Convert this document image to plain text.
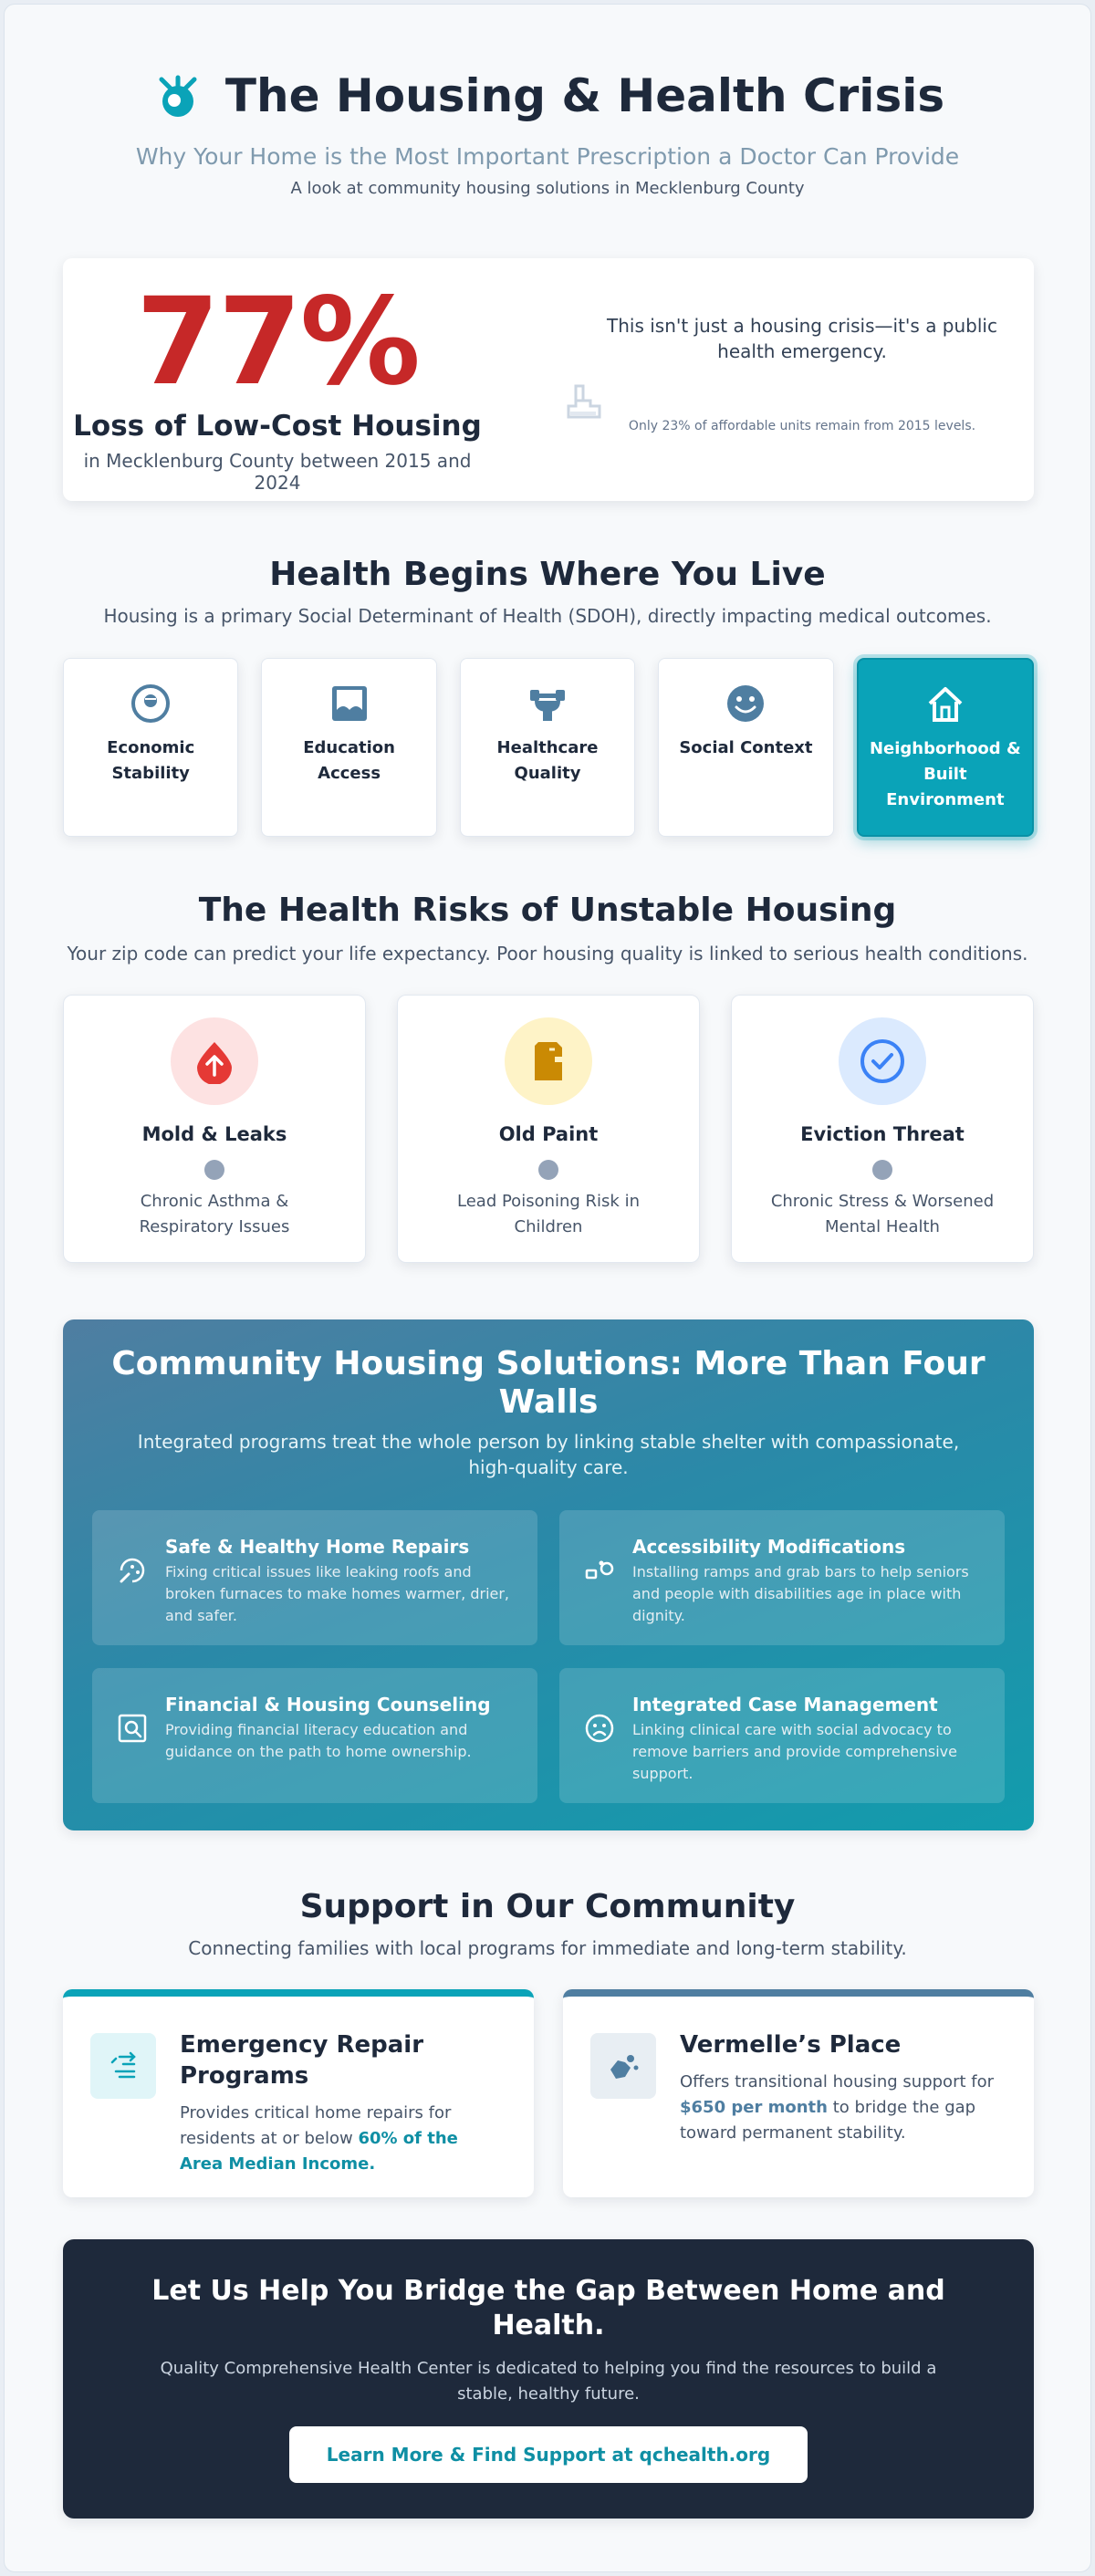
The Housing & Health Crisis
Why Your Home is the Most Important Prescription a Doctor Can Provide
A look at community housing solutions in Mecklenburg County
77%
Loss of Low-Cost Housing
in Mecklenburg County between 2015 and 2024
This isn't just a housing crisis—it's a public health emergency.
Only 23% of affordable units remain from 2015 levels.
Health Begins Where You Live
Housing is a primary Social Determinant of Health (SDOH), directly impacting medical outcomes.
Economic Stability
Education Access
Healthcare Quality
Social Context	Neighborhood & Built Environment
The Health Risks of Unstable Housing
Your zip code can predict your life expectancy. Poor housing quality is linked to serious health conditions.
Mold & Leaks
Chronic Asthma & Respiratory Issues
Old Paint
Lead Poisoning Risk in Children
Eviction Threat
Chronic Stress & Worsened Mental Health
Community Housing Solutions: More Than Four Walls
Integrated programs treat the whole person by linking stable shelter with compassionate, high-quality care.
Safe & Healthy Home Repairs
Fixing critical issues like leaking roofs and broken furnaces to make homes warmer, drier, and safer.
Accessibility Modifications
Installing ramps and grab bars to help seniors and people with disabilities age in place with dignity.
Financial & Housing Counseling
Providing financial literacy education and guidance on the path to home ownership.
Integrated Case Management
Linking clinical care with social advocacy to remove barriers and provide comprehensive support.
Support in Our Community
Connecting families with local programs for immediate and long-term stability.
Emergency Repair Programs
Provides critical home repairs for residents at or below 60% of the Area Median Income.
Vermelle’s Place
Offers transitional housing support for $650 per month to bridge the gap toward permanent stability.
Let Us Help You Bridge the Gap Between Home and Health.
Quality Comprehensive Health Center is dedicated to helping you find the resources to build a stable, healthy future.
Learn More & Find Support at qchealth.org
